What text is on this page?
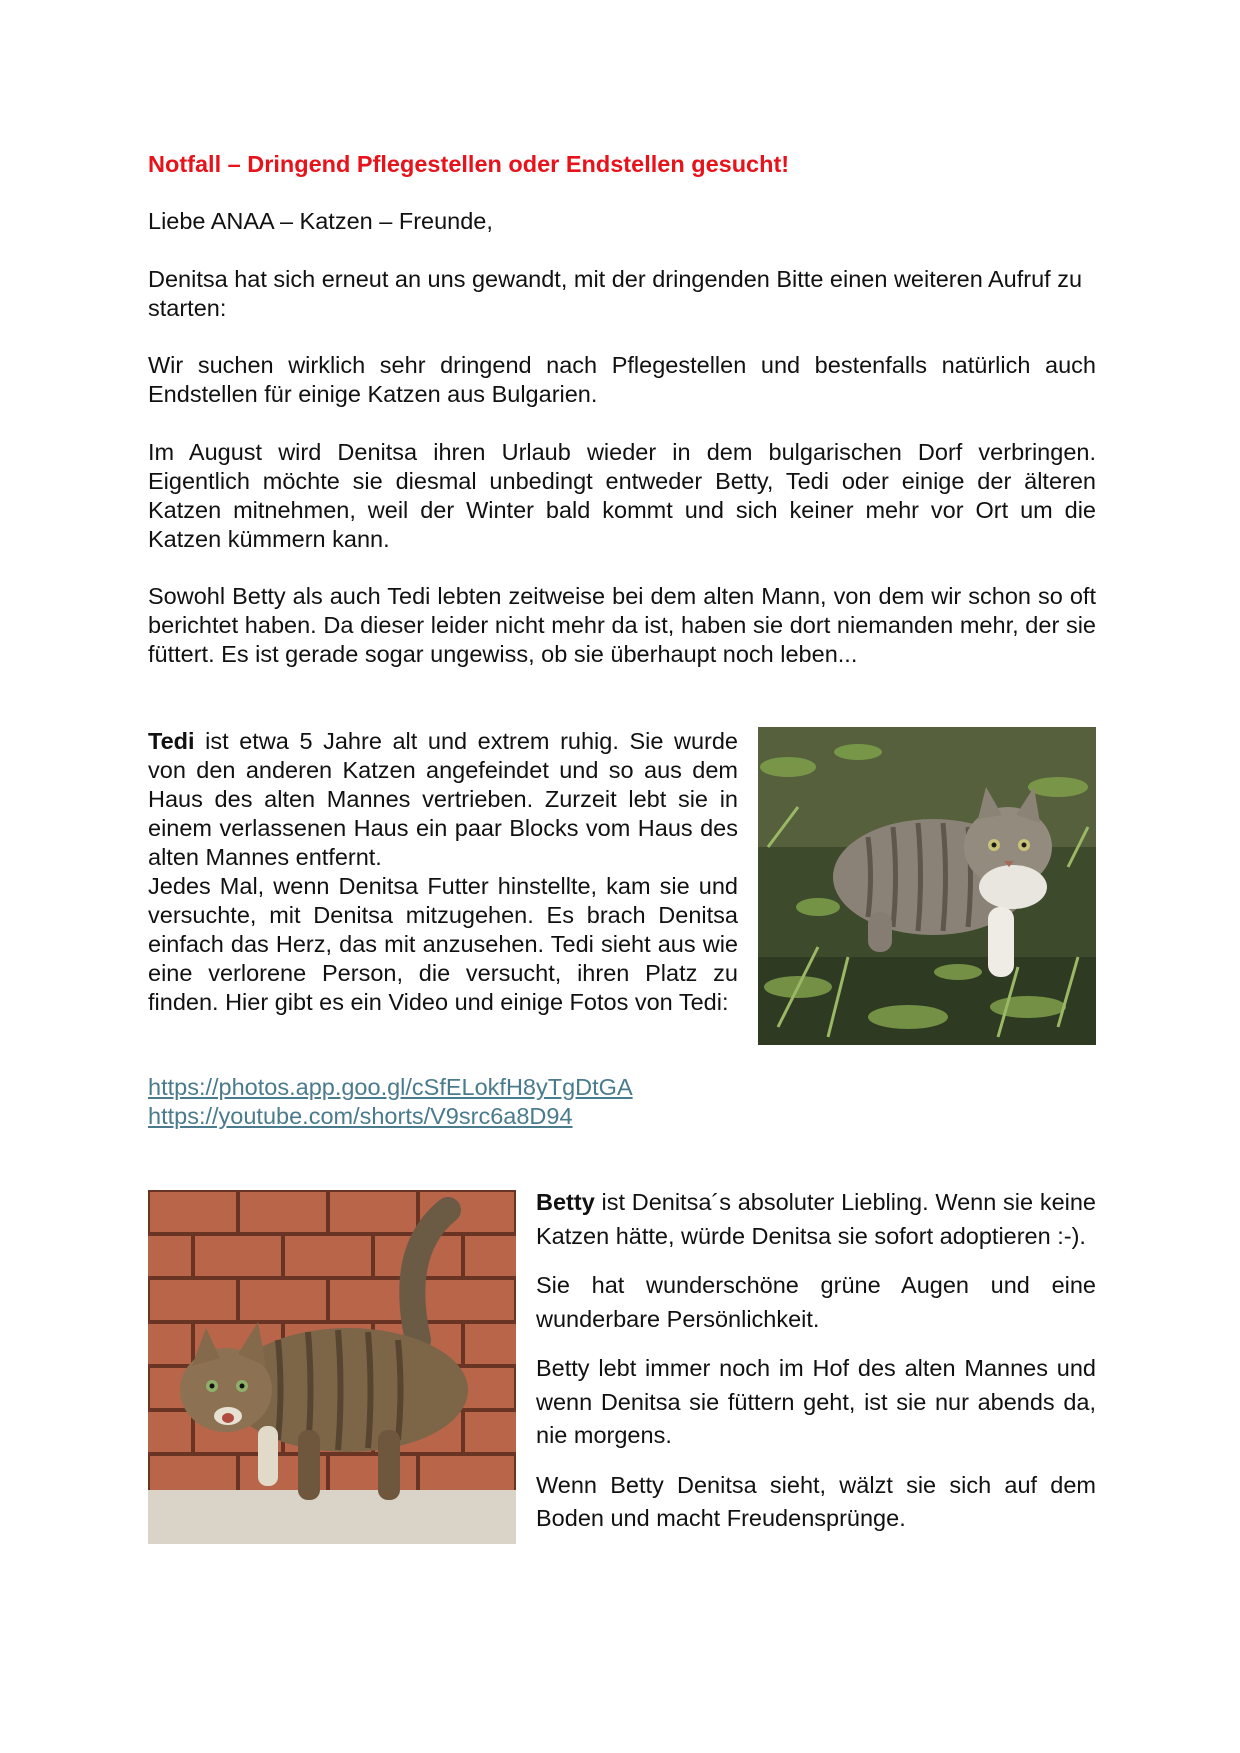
Notfall – Dringend Pflegestellen oder Endstellen gesucht!

Liebe ANAA – Katzen – Freunde,

Denitsa hat sich erneut an uns gewandt, mit der dringenden Bitte einen weiteren Aufruf zu starten:

Wir suchen wirklich sehr dringend nach Pflegestellen und bestenfalls natürlich auch Endstellen für einige Katzen aus Bulgarien.

Im August wird Denitsa ihren Urlaub wieder in dem bulgarischen Dorf verbringen. Eigentlich möchte sie diesmal unbedingt entweder Betty, Tedi oder einige der älteren Katzen mitnehmen, weil der Winter bald kommt und sich keiner mehr vor Ort um die Katzen kümmern kann.

Sowohl Betty als auch Tedi lebten zeitweise bei dem alten Mann, von dem wir schon so oft berichtet haben. Da dieser leider nicht mehr da ist, haben sie dort niemanden mehr, der sie füttert. Es ist gerade sogar ungewiss, ob sie überhaupt noch leben...

Tedi ist etwa 5 Jahre alt und extrem ruhig. Sie wurde von den anderen Katzen angefeindet und so aus dem Haus des alten Mannes vertrieben. Zurzeit lebt sie in einem verlassenen Haus ein paar Blocks vom Haus des alten Mannes entfernt.

Jedes Mal, wenn Denitsa Futter hinstellte, kam sie und versuchte, mit Denitsa mitzugehen. Es brach Denitsa einfach das Herz, das mit anzusehen. Tedi sieht aus wie eine verlorene Person, die versucht, ihren Platz zu finden. Hier gibt es ein Video und einige Fotos von Tedi:

https://photos.app.goo.gl/cSfELokfH8yTgDtGA
https://youtube.com/shorts/V9src6a8D94

Betty ist Denitsa´s absoluter Liebling. Wenn sie keine Katzen hätte, würde Denitsa sie sofort adoptieren :-).

Sie hat wunderschöne grüne Augen und eine wunderbare Persönlichkeit.

Betty lebt immer noch im Hof des alten Mannes und wenn Denitsa sie füttern geht, ist sie nur abends da, nie morgens.

Wenn Betty Denitsa sieht, wälzt sie sich auf dem Boden und macht Freudensprünge.
